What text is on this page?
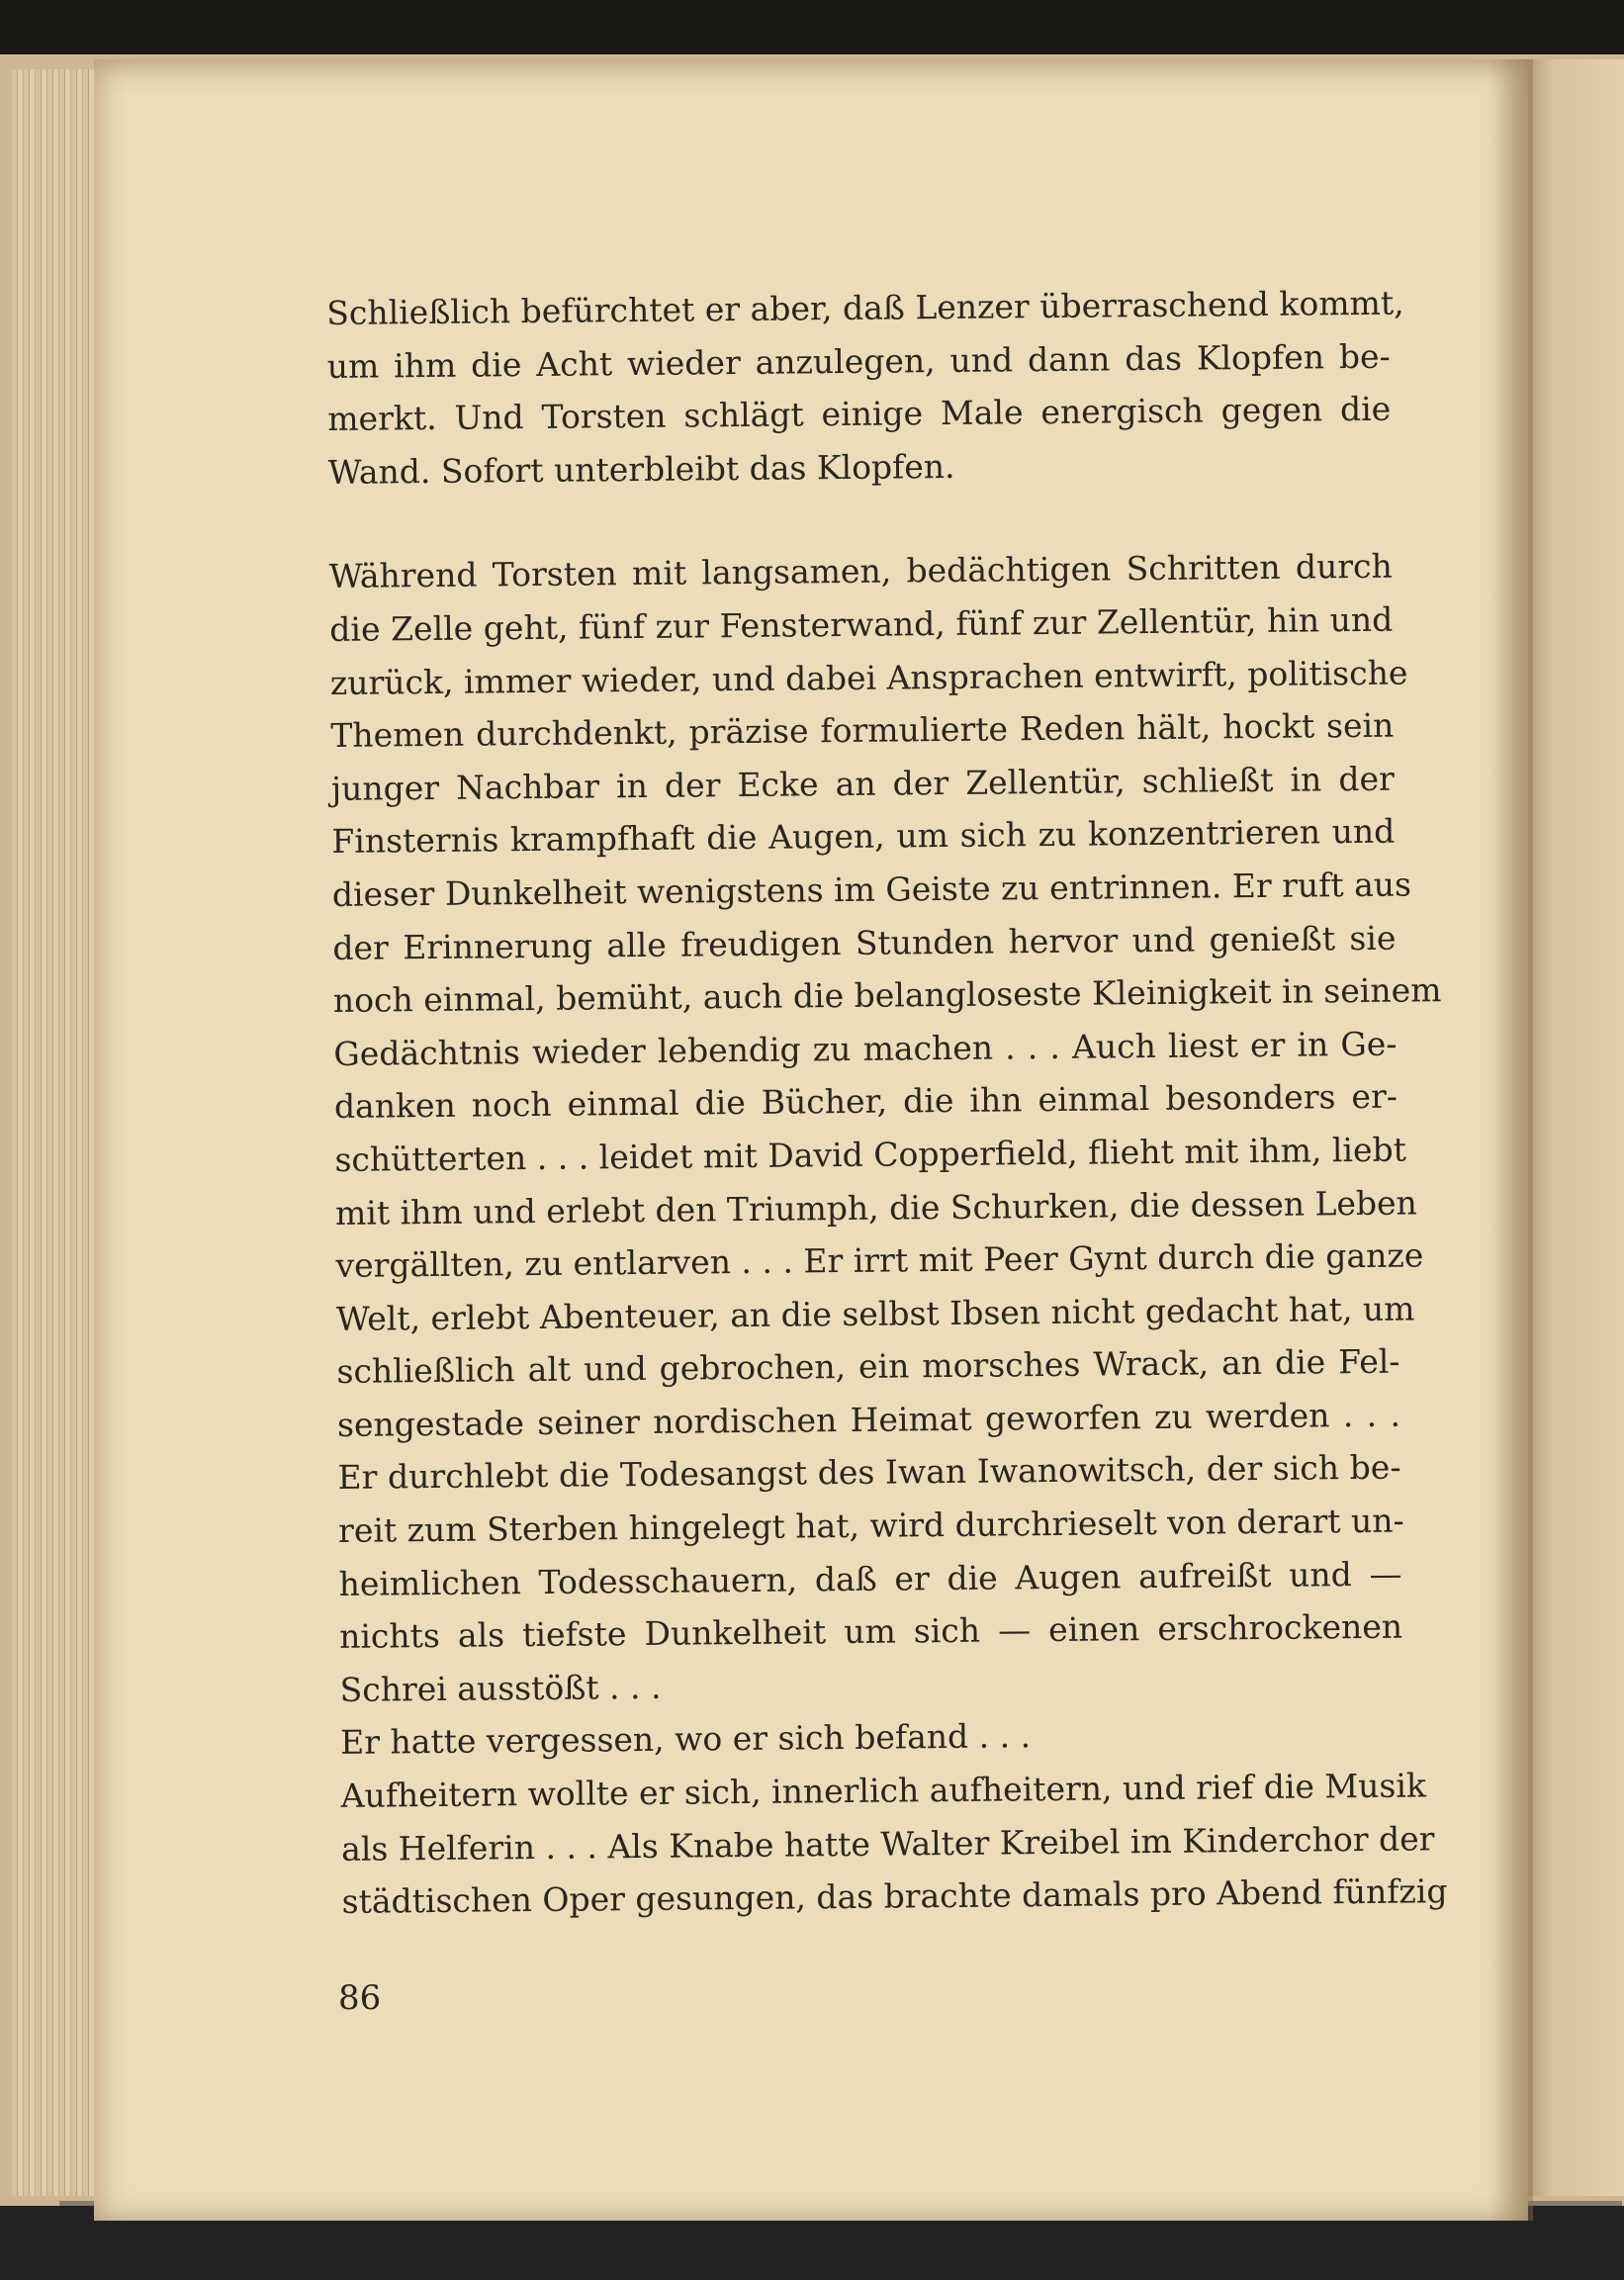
Schließlich befürchtet er aber, daß Lenzer überraschend kommt,
um ihm die Acht wieder anzulegen, und dann das Klopfen be-
merkt. Und Torsten schlägt einige Male energisch gegen die
Wand. Sofort unterbleibt das Klopfen.
Während Torsten mit langsamen, bedächtigen Schritten durch
die Zelle geht, fünf zur Fensterwand, fünf zur Zellentür, hin und
zurück, immer wieder, und dabei Ansprachen entwirft, politische
Themen durchdenkt, präzise formulierte Reden hält, hockt sein
junger Nachbar in der Ecke an der Zellentür, schließt in der
Finsternis krampfhaft die Augen, um sich zu konzentrieren und
dieser Dunkelheit wenigstens im Geiste zu entrinnen. Er ruft aus
der Erinnerung alle freudigen Stunden hervor und genießt sie
noch einmal, bemüht, auch die belangloseste Kleinigkeit in seinem
Gedächtnis wieder lebendig zu machen . . . Auch liest er in Ge-
danken noch einmal die Bücher, die ihn einmal besonders er-
schütterten . . . leidet mit David Copperfield, flieht mit ihm, liebt
mit ihm und erlebt den Triumph, die Schurken, die dessen Leben
vergällten, zu entlarven . . . Er irrt mit Peer Gynt durch die ganze
Welt, erlebt Abenteuer, an die selbst Ibsen nicht gedacht hat, um
schließlich alt und gebrochen, ein morsches Wrack, an die Fel-
sengestade seiner nordischen Heimat geworfen zu werden . . .
Er durchlebt die Todesangst des Iwan Iwanowitsch, der sich be-
reit zum Sterben hingelegt hat, wird durchrieselt von derart un-
heimlichen Todesschauern, daß er die Augen aufreißt und —
nichts als tiefste Dunkelheit um sich — einen erschrockenen
Schrei ausstößt . . .
Er hatte vergessen, wo er sich befand . . .
Aufheitern wollte er sich, innerlich aufheitern, und rief die Musik
als Helferin . . . Als Knabe hatte Walter Kreibel im Kinderchor der
städtischen Oper gesungen, das brachte damals pro Abend fünfzig
86
